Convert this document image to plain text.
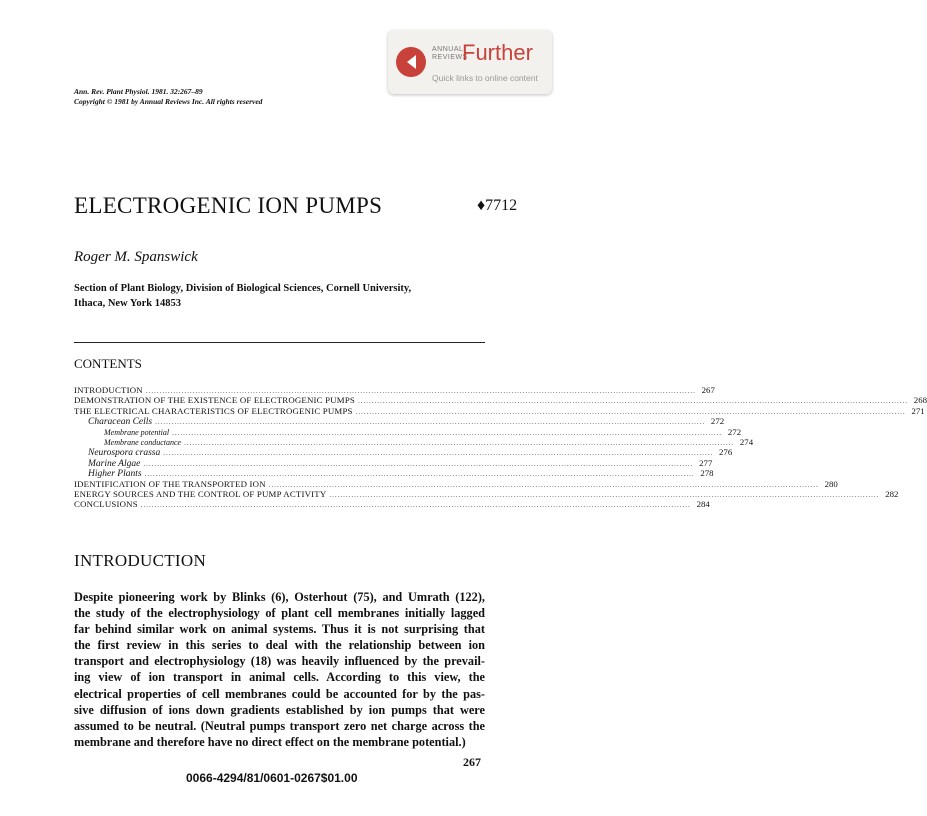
ANNUAL
REVIEWS
Further
Quick links to online content
Ann. Rev. Plant Physiol. 1981. 32:267–89
Copyright © 1981 by Annual Reviews Inc. All rights reserved
ELECTROGENIC ION PUMPS	♦7712
Roger M. Spanswick
Section of Plant Biology, Division of Biological Sciences, Cornell University,
Ithaca, New York 14853
CONTENTS
INTRODUCTION ........................................................................................................................................................................................................ 267
DEMONSTRATION OF THE EXISTENCE OF ELECTROGENIC PUMPS ........................................................................................................................................................................................................ 268
THE ELECTRICAL CHARACTERISTICS OF ELECTROGENIC PUMPS ........................................................................................................................................................................................................ 271
Characean Cells ........................................................................................................................................................................................................ 272
Membrane potential ........................................................................................................................................................................................................ 272
Membrane conductance ........................................................................................................................................................................................................ 274
Neurospora crassa ........................................................................................................................................................................................................ 276
Marine Algae ........................................................................................................................................................................................................ 277
Higher Plants ........................................................................................................................................................................................................ 278
IDENTIFICATION OF THE TRANSPORTED ION ........................................................................................................................................................................................................ 280
ENERGY SOURCES AND THE CONTROL OF PUMP ACTIVITY ........................................................................................................................................................................................................ 282
CONCLUSIONS ........................................................................................................................................................................................................ 284
INTRODUCTION
Despite pioneering work by Blinks (6), Osterhout (75), and Umrath (122),
the study of the electrophysiology of plant cell membranes initially lagged
far behind similar work on animal systems. Thus it is not surprising that
the first review in this series to deal with the relationship between ion
transport and electrophysiology (18) was heavily influenced by the prevail-
ing view of ion transport in animal cells. According to this view, the
electrical properties of cell membranes could be accounted for by the pas-
sive diffusion of ions down gradients established by ion pumps that were
assumed to be neutral. (Neutral pumps transport zero net charge across the
membrane and therefore have no direct effect on the membrane potential.)
267
0066-4294/81/0601-0267$01.00
